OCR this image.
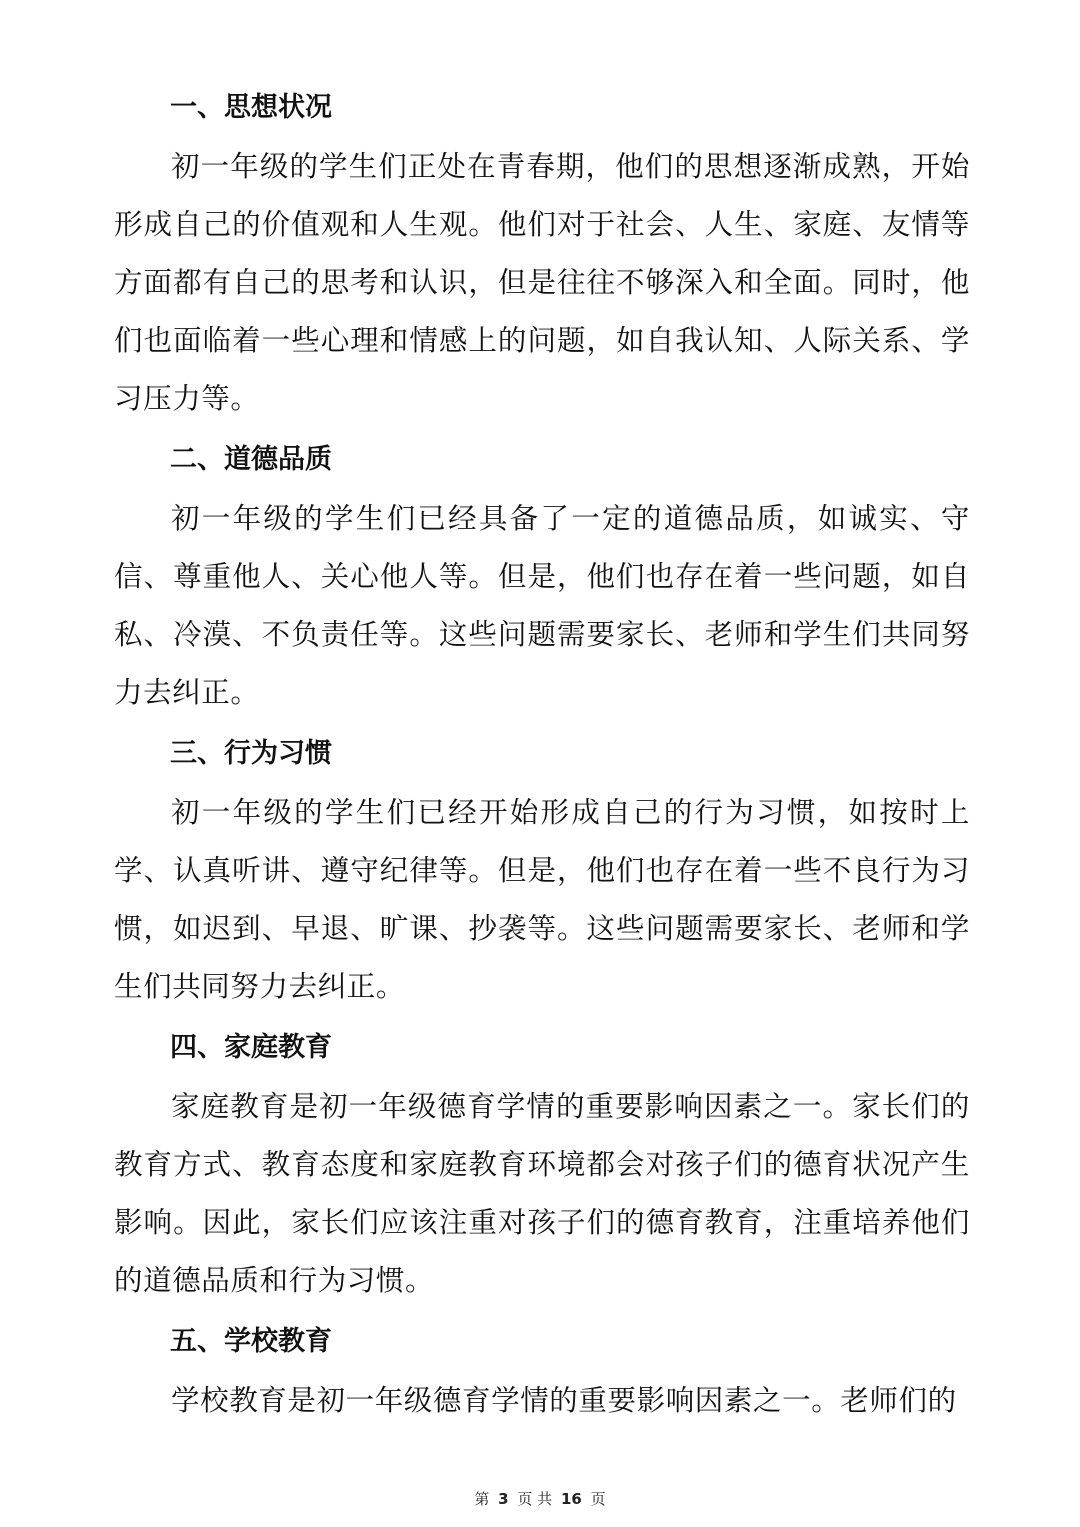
一、思想状况

初一年级的学生们正处在青春期，他们的思想逐渐成熟，开始形成自己的价值观和人生观。他们对于社会、人生、家庭、友情等方面都有自己的思考和认识，但是往往不够深入和全面。同时，他们也面临着一些心理和情感上的问题，如自我认知、人际关系、学习压力等。

二、道德品质

初一年级的学生们已经具备了一定的道德品质，如诚实、守信、尊重他人、关心他人等。但是，他们也存在着一些问题，如自私、冷漠、不负责任等。这些问题需要家长、老师和学生们共同努力去纠正。

三、行为习惯

初一年级的学生们已经开始形成自己的行为习惯，如按时上学、认真听讲、遵守纪律等。但是，他们也存在着一些不良行为习惯，如迟到、早退、旷课、抄袭等。这些问题需要家长、老师和学生们共同努力去纠正。

四、家庭教育

家庭教育是初一年级德育学情的重要影响因素之一。家长们的教育方式、教育态度和家庭教育环境都会对孩子们的德育状况产生影响。因此，家长们应该注重对孩子们的德育教育，注重培养他们的道德品质和行为习惯。

五、学校教育

学校教育是初一年级德育学情的重要影响因素之一。老师们的

第 3 页 共 16 页
